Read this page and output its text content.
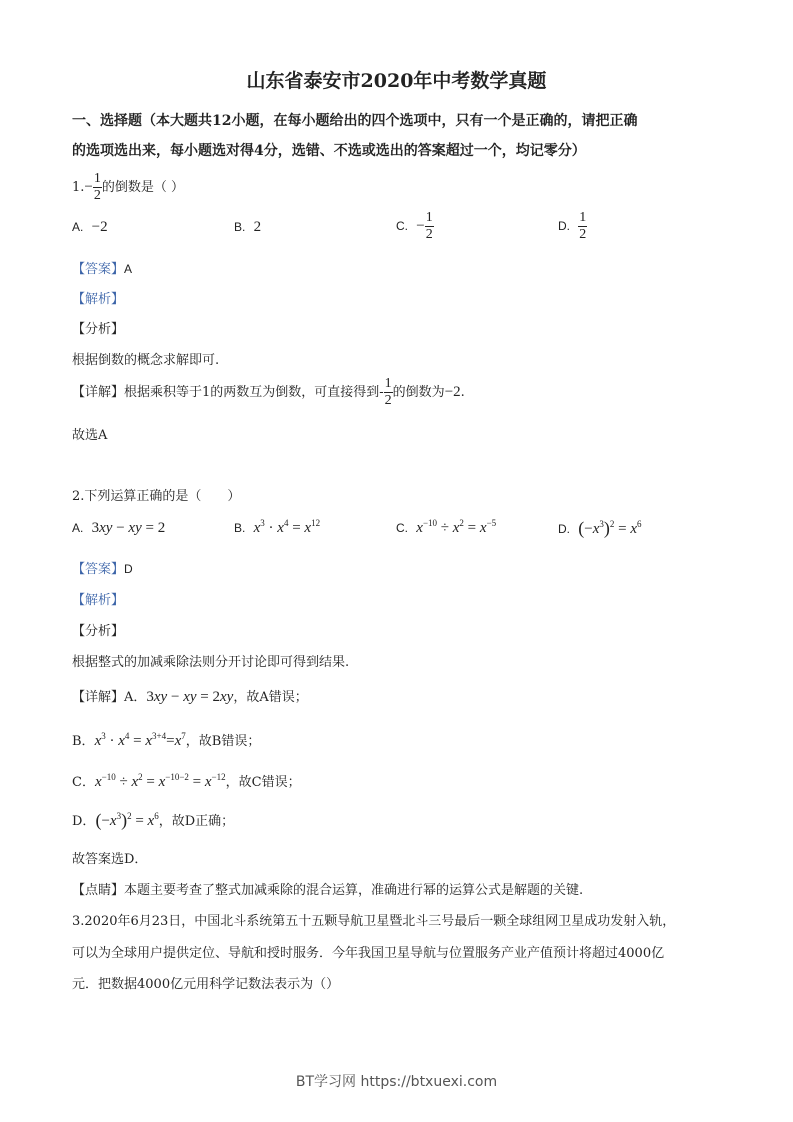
山东省泰安市2020年中考数学真题
一、选择题（本大题共12小题，在每小题给出的四个选项中，只有一个是正确的，请把正确
的选项选出来，每小题选对得4分，选错、不选或选出的答案超过一个，均记零分）
$1.- \frac{1}{2}$ 的倒数是（ ）
A. −2	B. 2	C. − $\frac{1}{2}$	D. $\frac{1}{2}$
【答案】A
【解析】
【分析】
根据倒数的概念求解即可.
【详解】根据乘积等于1的两数互为倒数，可直接得到- $\frac{1}{2}$ 的倒数为−2.
故选A
2.下列运算正确的是（　　）
A. 3xy − xy = 2	B. $x^3 \cdot x^4 = x^{12}$	C. $x^{-10} \div x^2 = x^{-5}$	D. $(-x^3)^2 = x^6$
【答案】D
【解析】
【分析】
根据整式的加减乘除法则分开讨论即可得到结果.
【详解】A．3xy − xy = 2xy，故A错误；
B．$x^3 \cdot x^4 = x^{3+4}=x^7$，故B错误；
C．$x^{-10} \div x^2 = x^{-10-2} = x^{-12}$，故C错误；
D．$(-x^3)^2 = x^6$，故D正确；
故答案选D．
【点睛】本题主要考查了整式加减乘除的混合运算，准确进行幂的运算公式是解题的关键.
3.2020年6月23日，中国北斗系统第五十五颗导航卫星暨北斗三号最后一颗全球组网卫星成功发射入轨，
可以为全球用户提供定位、导航和授时服务．今年我国卫星导航与位置服务产业产值预计将超过4000亿
元．把数据4000亿元用科学记数法表示为（）
BT学习网 https://btxuexi.com
